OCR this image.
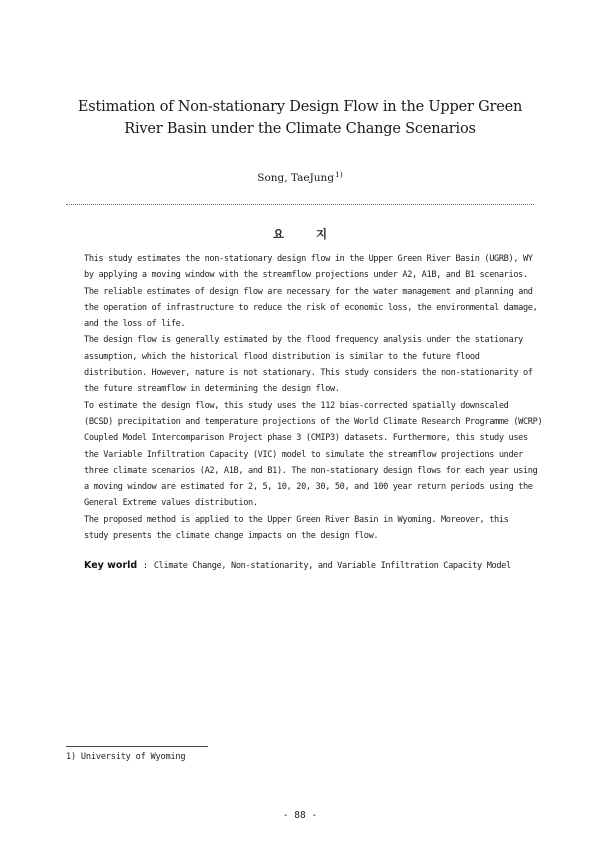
Estimation of Non-stationary Design Flow in the Upper Green
River Basin under the Climate Change Scenarios
Song, TaeJung$^{1)}$
요 지

This study estimates the non-stationary design flow in the Upper Green River Basin (UGRB), WY
by applying a moving window with the streamflow projections under A2, A1B, and B1 scenarios.
The reliable estimates of design flow are necessary for the water management and planning and
the operation of infrastructure to reduce the risk of economic loss, the environmental damage,
and the loss of life.

The design flow is generally estimated by the flood frequency analysis under the stationary
assumption, which the historical flood distribution is similar to the future flood
distribution. However, nature is not stationary. This study considers the non-stationarity of
the future streamflow in determining the design flow.

To estimate the design flow, this study uses the 112 bias-corrected spatially downscaled
(BCSD) precipitation and temperature projections of the World Climate Research Programme (WCRP)
Coupled Model Intercomparison Project phase 3 (CMIP3) datasets. Furthermore, this study uses
the Variable Infiltration Capacity (VIC) model to simulate the streamflow projections under
three climate scenarios (A2, A1B, and B1). The non-stationary design flows for each year using
a moving window are estimated for 2, 5, 10, 20, 30, 50, and 100 year return periods using the
General Extreme values distribution.

The proposed method is applied to the Upper Green River Basin in Wyoming. Moreover, this
study presents the climate change impacts on the design flow.

Key world : Climate Change, Non-stationarity, and Variable Infiltration Capacity Model
1) University of Wyoming
- 88 -
